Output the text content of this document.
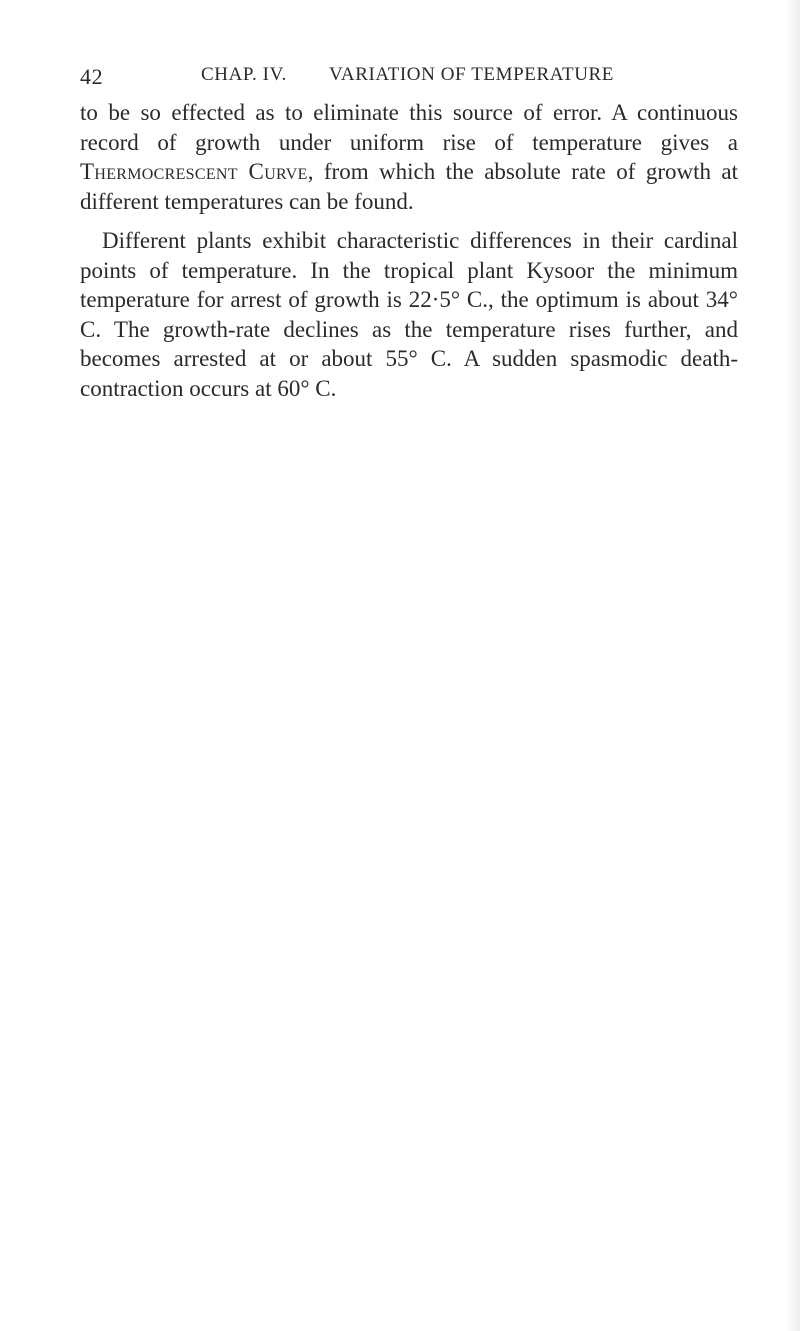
42	CHAP. IV. VARIATION OF TEMPERATURE

to be so effected as to eliminate this source of error. A continuous record of growth under uniform rise of temperature gives a Thermocrescent Curve, from which the absolute rate of growth at different temperatures can be found.

Different plants exhibit characteristic differences in their cardinal points of temperature. In the tropical plant Kysoor the minimum temperature for arrest of growth is 22·5° C., the optimum is about 34° C. The growth-rate declines as the temperature rises further, and becomes arrested at or about 55° C. A sudden spasmodic death-contraction occurs at 60° C.
